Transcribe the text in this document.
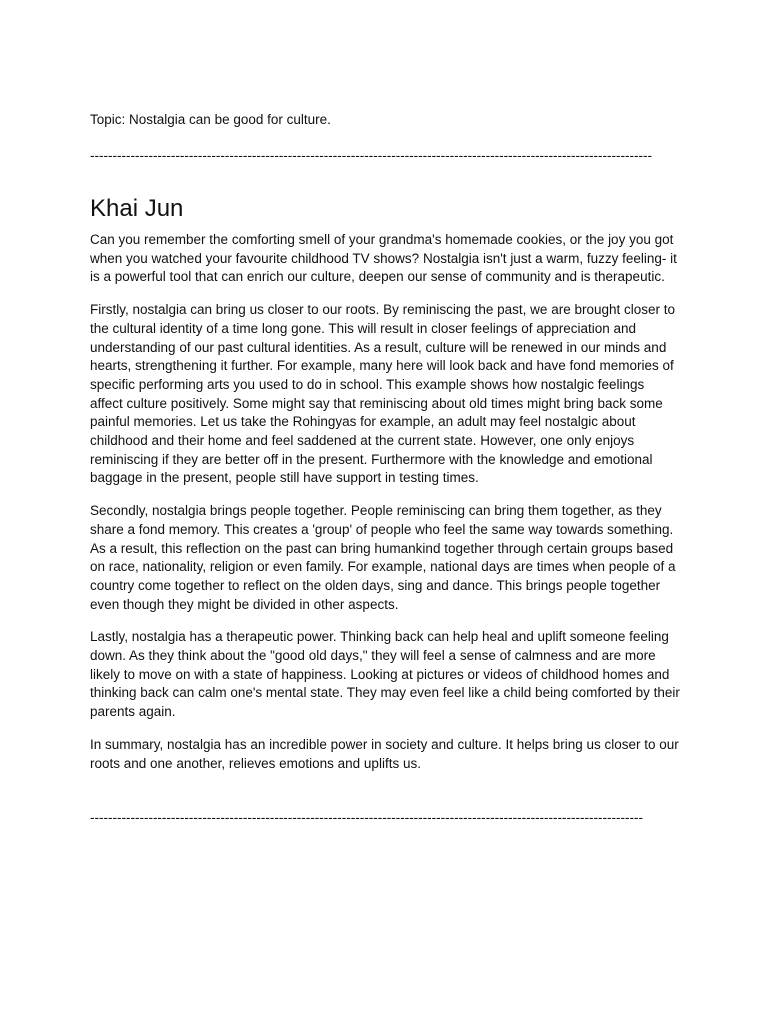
Topic: Nostalgia can be good for culture.
-----------------------------------------------------------------------------------------------------------------------------
Khai Jun

Can you remember the comforting smell of your grandma's homemade cookies, or the joy you got when you watched your favourite childhood TV shows? Nostalgia isn't just a warm, fuzzy feeling- it is a powerful tool that can enrich our culture, deepen our sense of community and is therapeutic.

Firstly, nostalgia can bring us closer to our roots. By reminiscing the past, we are brought closer to the cultural identity of a time long gone. This will result in closer feelings of appreciation and understanding of our past cultural identities. As a result, culture will be renewed in our minds and hearts, strengthening it further. For example, many here will look back and have fond memories of specific performing arts you used to do in school. This example shows how nostalgic feelings affect culture positively. Some might say that reminiscing about old times might bring back some painful memories. Let us take the Rohingyas for example, an adult may feel nostalgic about childhood and their home and feel saddened at the current state. However, one only enjoys reminiscing if they are better off in the present. Furthermore with the knowledge and emotional baggage in the present, people still have support in testing times.

Secondly, nostalgia brings people together. People reminiscing can bring them together, as they share a fond memory. This creates a 'group' of people who feel the same way towards something. As a result, this reflection on the past can bring humankind together through certain groups based on race, nationality, religion or even family. For example, national days are times when people of a country come together to reflect on the olden days, sing and dance. This brings people together even though they might be divided in other aspects.

Lastly, nostalgia has a therapeutic power. Thinking back can help heal and uplift someone feeling down. As they think about the "good old days," they will feel a sense of calmness and are more likely to move on with a state of happiness. Looking at pictures or videos of childhood homes and thinking back can calm one's mental state. They may even feel like a child being comforted by their parents again.

In summary, nostalgia has an incredible power in society and culture. It helps bring us closer to our roots and one another, relieves emotions and uplifts us.

---------------------------------------------------------------------------------------------------------------------------
